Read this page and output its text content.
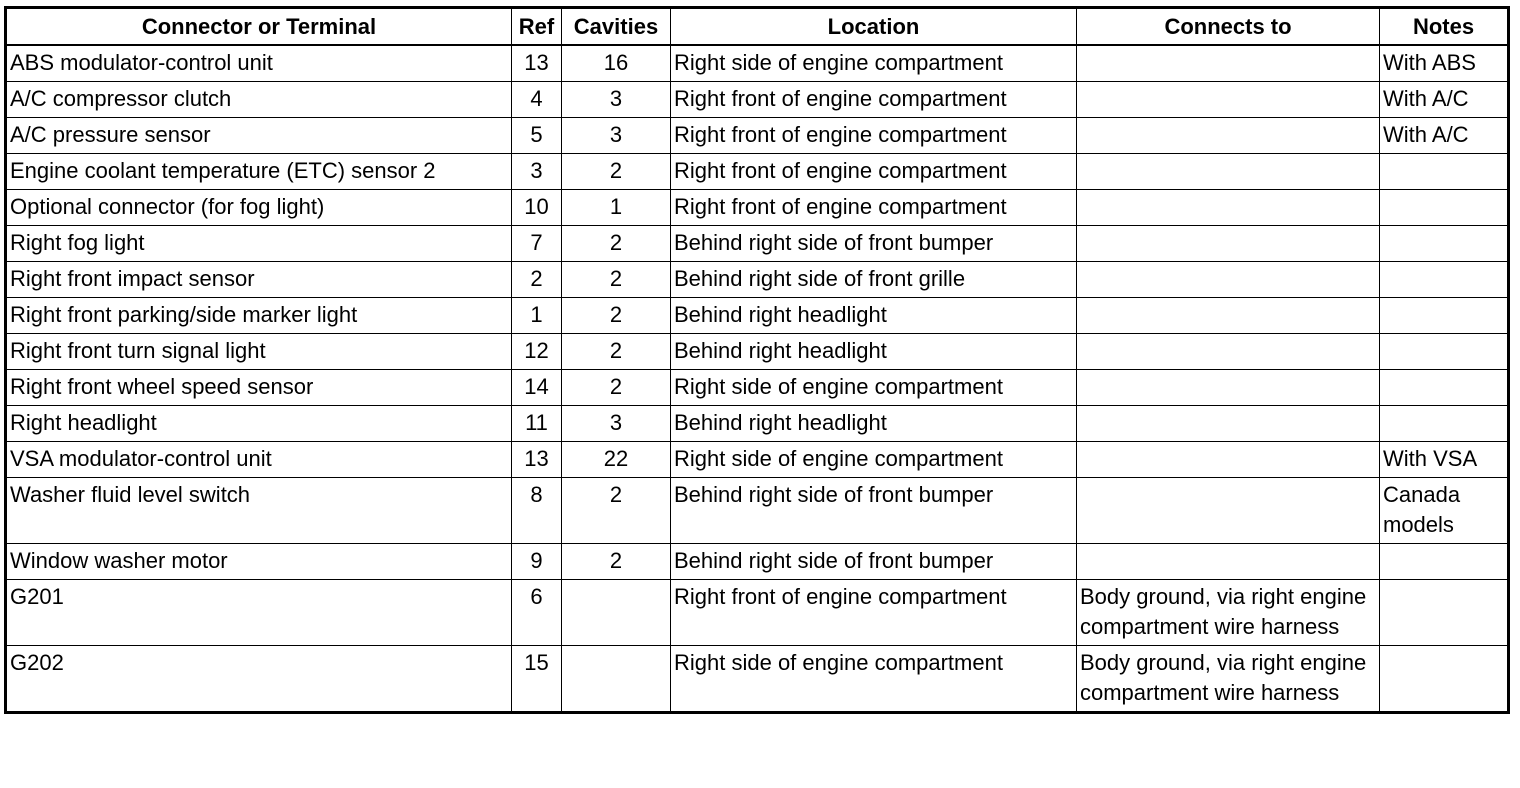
Connector or Terminal	Ref	Cavities	Location	Connects to	Notes
ABS modulator-control unit	13	16	Right side of engine compartment		With ABS
A/C compressor clutch	4	3	Right front of engine compartment		With A/C
A/C pressure sensor	5	3	Right front of engine compartment		With A/C
Engine coolant temperature (ETC) sensor 2	3	2	Right front of engine compartment		
Optional connector (for fog light)	10	1	Right front of engine compartment		
Right fog light	7	2	Behind right side of front bumper		
Right front impact sensor	2	2	Behind right side of front grille		
Right front parking/side marker light	1	2	Behind right headlight		
Right front turn signal light	12	2	Behind right headlight		
Right front wheel speed sensor	14	2	Right side of engine compartment		
Right headlight	11	3	Behind right headlight		
VSA modulator-control unit	13	22	Right side of engine compartment		With VSA
Washer fluid level switch	8	2	Behind right side of front bumper		Canada models
Window washer motor	9	2	Behind right side of front bumper		
G201	6		Right front of engine compartment	Body ground, via right engine compartment wire harness	
G202	15		Right side of engine compartment	Body ground, via right engine compartment wire harness	
